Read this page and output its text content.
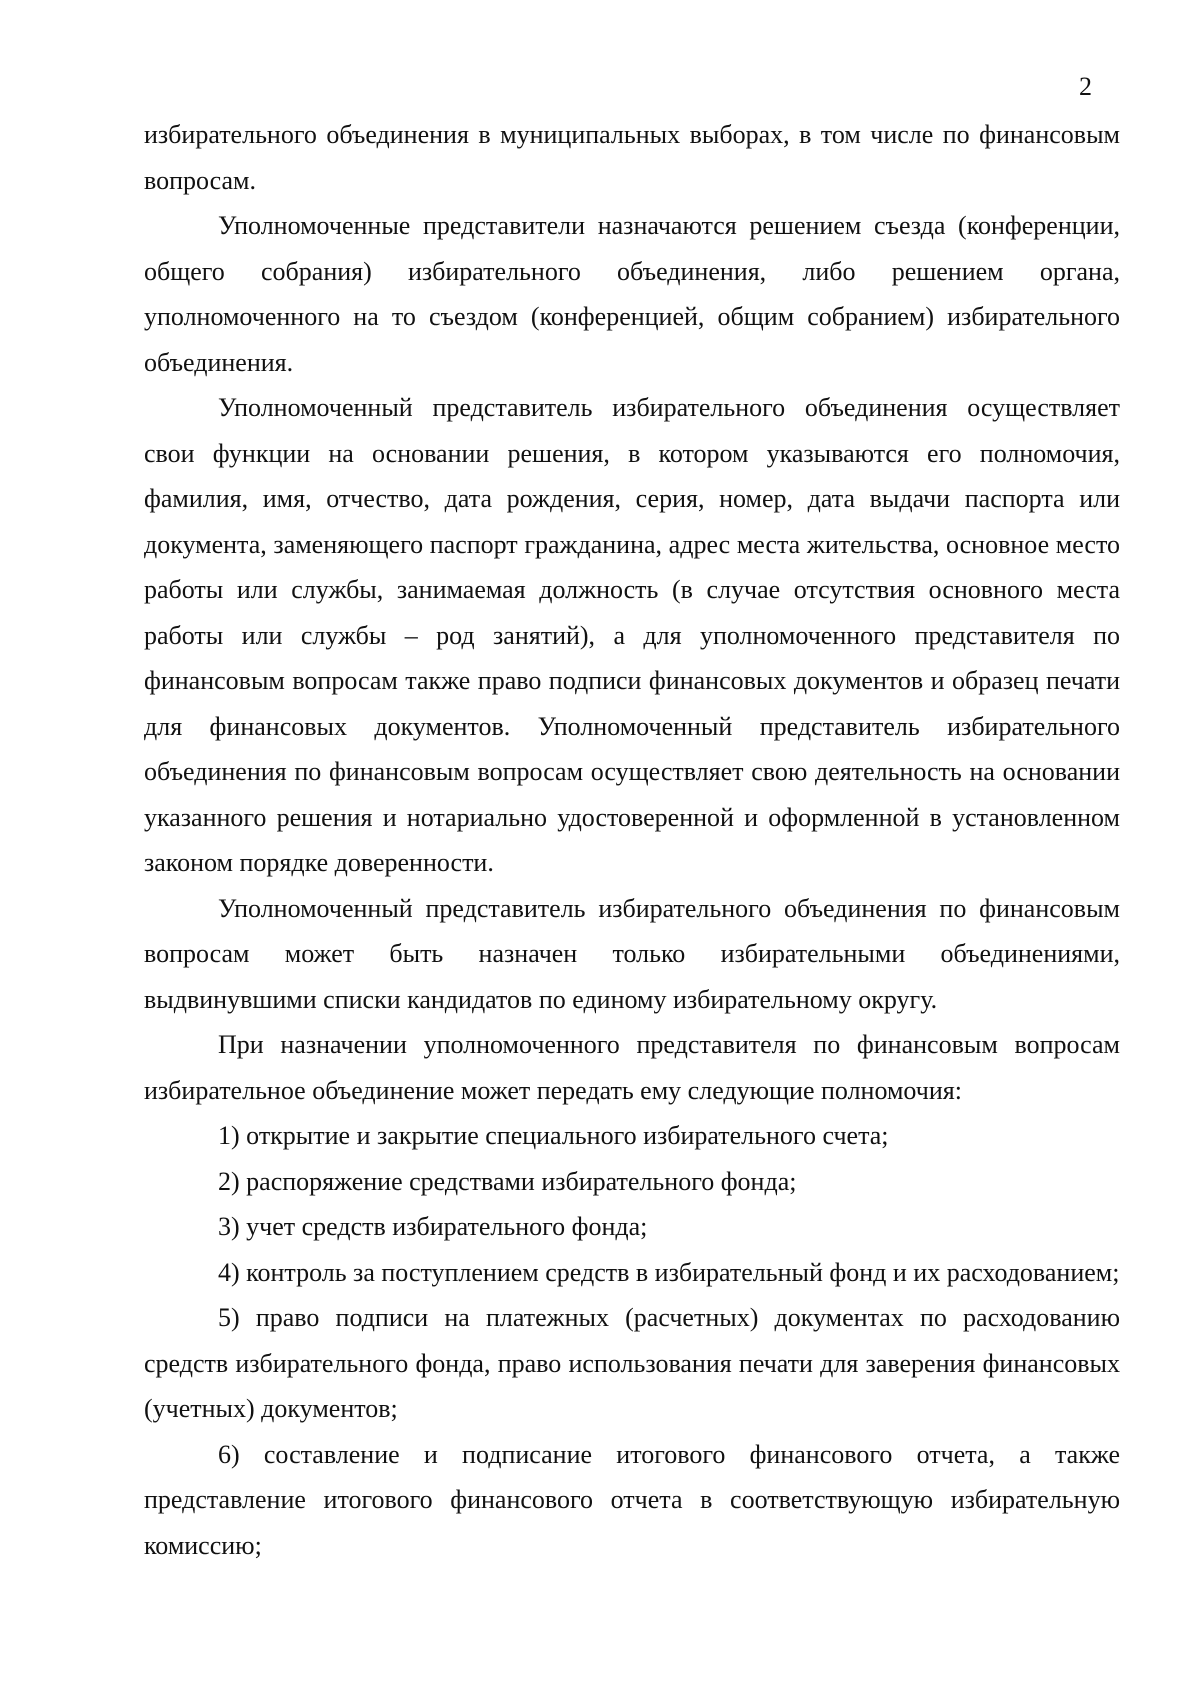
2

избирательного объединения в муниципальных выборах, в том числе по финансовым вопросам.

Уполномоченные представители назначаются решением съезда (конференции, общего собрания) избирательного объединения, либо решением органа, уполномоченного на то съездом (конференцией, общим собранием) избирательного объединения.

Уполномоченный представитель избирательного объединения осуществляет свои функции на основании решения, в котором указываются его полномочия, фамилия, имя, отчество, дата рождения, серия, номер, дата выдачи паспорта или документа, заменяющего паспорт гражданина, адрес места жительства, основное место работы или службы, занимаемая должность (в случае отсутствия основного места работы или службы – род занятий), а для уполномоченного представителя по финансовым вопросам также право подписи финансовых документов и образец печати для финансовых документов. Уполномоченный представитель избирательного объединения по финансовым вопросам осуществляет свою деятельность на основании указанного решения и нотариально удостоверенной и оформленной в установленном законом порядке доверенности.

Уполномоченный представитель избирательного объединения по финансовым вопросам может быть назначен только избирательными объединениями, выдвинувшими списки кандидатов по единому избирательному округу.

При назначении уполномоченного представителя по финансовым вопросам избирательное объединение может передать ему следующие полномочия:

1) открытие и закрытие специального избирательного счета;

2) распоряжение средствами избирательного фонда;

3) учет средств избирательного фонда;

4) контроль за поступлением средств в избирательный фонд и их расходованием;

5) право подписи на платежных (расчетных) документах по расходованию средств избирательного фонда, право использования печати для заверения финансовых (учетных) документов;

6) составление и подписание итогового финансового отчета, а также представление итогового финансового отчета в соответствующую избирательную комиссию;
